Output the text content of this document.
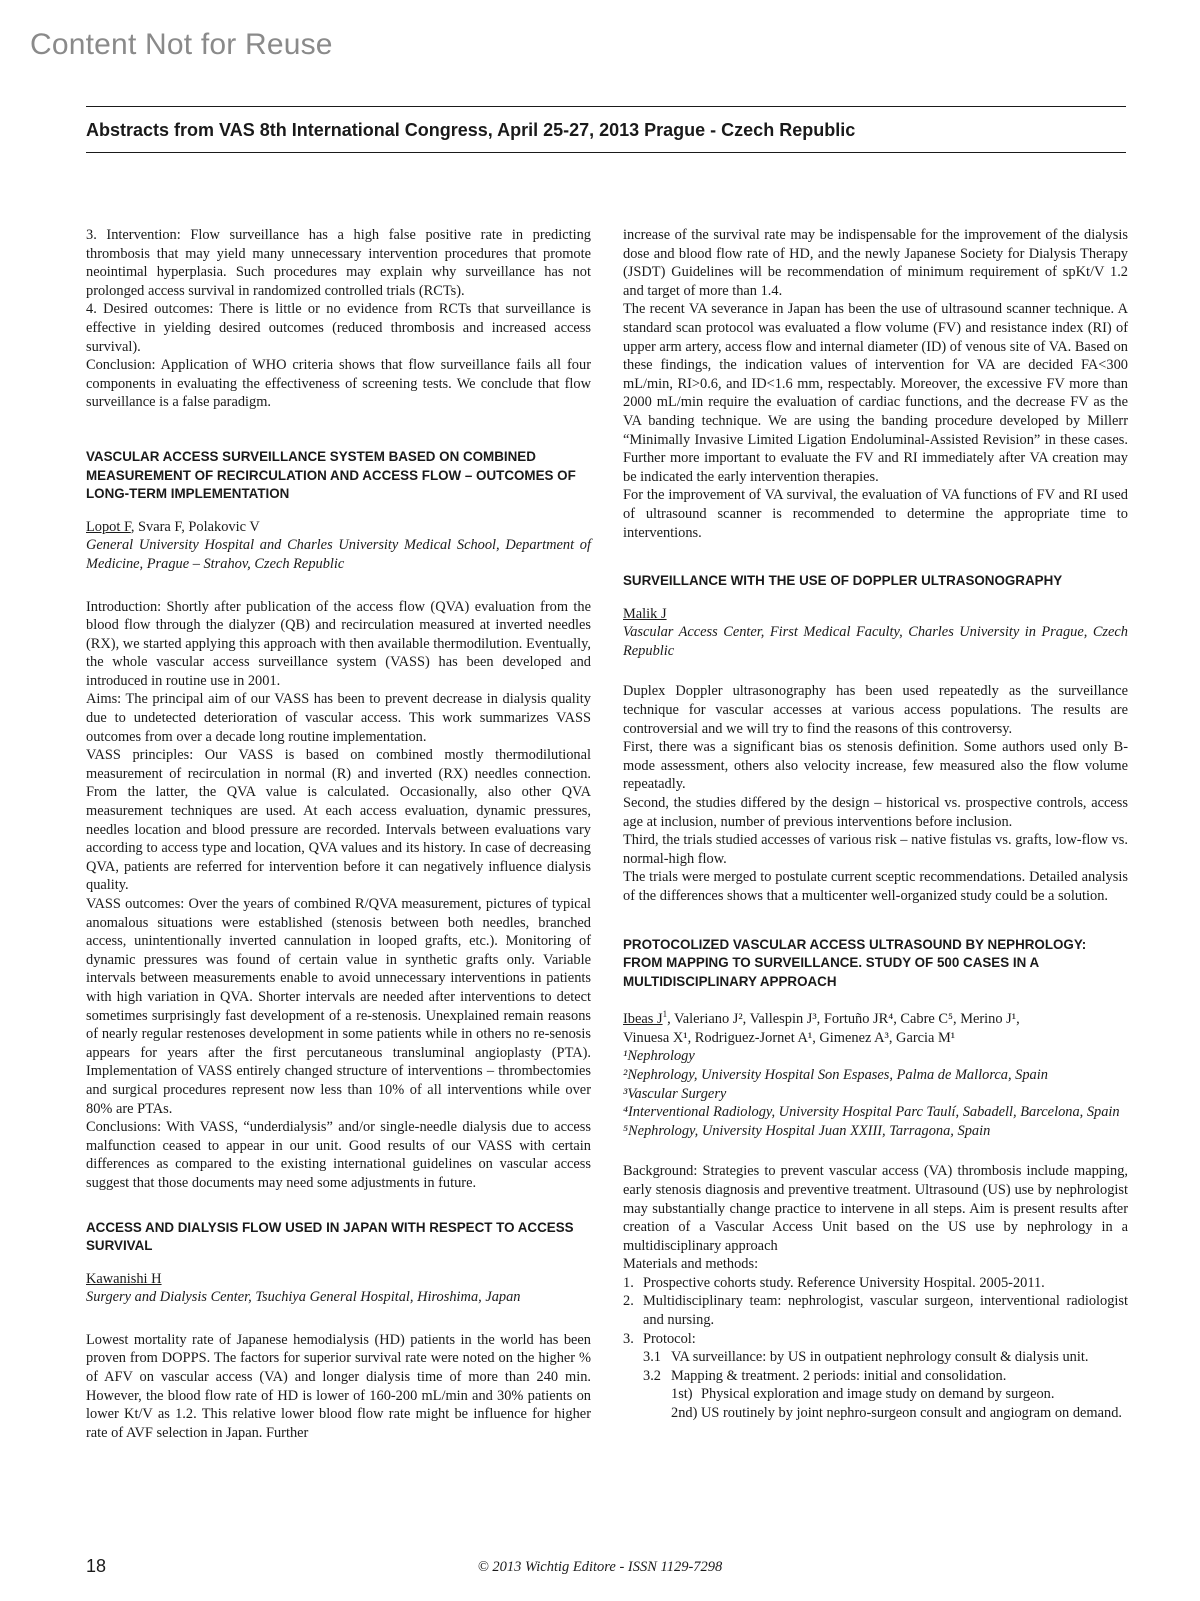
Content Not for Reuse
Abstracts from VAS 8th International Congress, April 25-27, 2013 Prague - Czech Republic

3. Intervention: Flow surveillance has a high false positive rate in predicting thrombosis that may yield many unnecessary intervention procedures that promote neointimal hyperplasia. Such procedures may explain why surveillance has not prolonged access survival in randomized controlled trials (RCTs).

4. Desired outcomes: There is little or no evidence from RCTs that surveillance is effective in yielding desired outcomes (reduced thrombosis and increased access survival).

Conclusion: Application of WHO criteria shows that flow surveillance fails all four components in evaluating the effectiveness of screening tests. We conclude that flow surveillance is a false paradigm.

VASCULAR ACCESS SURVEILLANCE SYSTEM BASED ON COMBINED MEASUREMENT OF RECIRCULATION AND ACCESS FLOW – OUTCOMES OF LONG-TERM IMPLEMENTATION

Lopot F, Svara F, Polakovic V

General University Hospital and Charles University Medical School, Department of Medicine, Prague – Strahov, Czech Republic

Introduction: Shortly after publication of the access flow (QVA) evaluation from the blood flow through the dialyzer (QB) and recirculation measured at inverted needles (RX), we started applying this approach with then available thermodilution. Eventually, the whole vascular access surveillance system (VASS) has been developed and introduced in routine use in 2001.

Aims: The principal aim of our VASS has been to prevent decrease in dialysis quality due to undetected deterioration of vascular access. This work summarizes VASS outcomes from over a decade long routine implementation.

VASS principles: Our VASS is based on combined mostly thermodilutional measurement of recirculation in normal (R) and inverted (RX) needles connection. From the latter, the QVA value is calculated. Occasionally, also other QVA measurement techniques are used. At each access evaluation, dynamic pressures, needles location and blood pressure are recorded. Intervals between evaluations vary according to access type and location, QVA values and its history. In case of decreasing QVA, patients are referred for intervention before it can negatively influence dialysis quality.

VASS outcomes: Over the years of combined R/QVA measurement, pictures of typical anomalous situations were established (stenosis between both needles, branched access, unintentionally inverted cannulation in looped grafts, etc.). Monitoring of dynamic pressures was found of certain value in synthetic grafts only. Variable intervals between measurements enable to avoid unnecessary interventions in patients with high variation in QVA. Shorter intervals are needed after interventions to detect sometimes surprisingly fast development of a re-stenosis. Unexplained remain reasons of nearly regular restenoses development in some patients while in others no re-senosis appears for years after the first percutaneous transluminal angioplasty (PTA). Implementation of VASS entirely changed structure of interventions – thrombectomies and surgical procedures represent now less than 10% of all interventions while over 80% are PTAs.

Conclusions: With VASS, “underdialysis” and/or single-needle dialysis due to access malfunction ceased to appear in our unit. Good results of our VASS with certain differences as compared to the existing international guidelines on vascular access suggest that those documents may need some adjustments in future.

ACCESS AND DIALYSIS FLOW USED IN JAPAN WITH RESPECT TO ACCESS SURVIVAL

Kawanishi H

Surgery and Dialysis Center, Tsuchiya General Hospital, Hiroshima, Japan

Lowest mortality rate of Japanese hemodialysis (HD) patients in the world has been proven from DOPPS. The factors for superior survival rate were noted on the higher % of AFV on vascular access (VA) and longer dialysis time of more than 240 min. However, the blood flow rate of HD is lower of 160-200 mL/min and 30% patients on lower Kt/V as 1.2. This relative lower blood flow rate might be influence for higher rate of AVF selection in Japan. Further

increase of the survival rate may be indispensable for the improvement of the dialysis dose and blood flow rate of HD, and the newly Japanese Society for Dialysis Therapy (JSDT) Guidelines will be recommendation of minimum requirement of spKt/V 1.2 and target of more than 1.4.

The recent VA severance in Japan has been the use of ultrasound scanner technique. A standard scan protocol was evaluated a flow volume (FV) and resistance index (RI) of upper arm artery, access flow and internal diameter (ID) of venous site of VA. Based on these findings, the indication values of intervention for VA are decided FA<300 mL/min, RI>0.6, and ID<1.6 mm, respectably. Moreover, the excessive FV more than 2000 mL/min require the evaluation of cardiac functions, and the decrease FV as the VA banding technique. We are using the banding procedure developed by Millerr “Minimally Invasive Limited Ligation Endoluminal-Assisted Revision” in these cases. Further more important to evaluate the FV and RI immediately after VA creation may be indicated the early intervention therapies.

For the improvement of VA survival, the evaluation of VA functions of FV and RI used of ultrasound scanner is recommended to determine the appropriate time to interventions.

SURVEILLANCE WITH THE USE OF DOPPLER ULTRASONOGRAPHY

Malik J

Vascular Access Center, First Medical Faculty, Charles University in Prague, Czech Republic

Duplex Doppler ultrasonography has been used repeatedly as the surveillance technique for vascular accesses at various access populations. The results are controversial and we will try to find the reasons of this controversy.

First, there was a significant bias os stenosis definition. Some authors used only B-mode assessment, others also velocity increase, few measured also the flow volume repeatadly.

Second, the studies differed by the design – historical vs. prospective controls, access age at inclusion, number of previous interventions before inclusion.

Third, the trials studied accesses of various risk – native fistulas vs. grafts, low-flow vs. normal-high flow.

The trials were merged to postulate current sceptic recommendations. Detailed analysis of the differences shows that a multicenter well-organized study could be a solution.

PROTOCOLIZED VASCULAR ACCESS ULTRASOUND BY NEPHROLOGY: FROM MAPPING TO SURVEILLANCE. STUDY OF 500 CASES IN A MULTIDISCIPLINARY APPROACH

Ibeas $J^1$, Valeriano J², Vallespin J³, Fortuño JR⁴, Cabre C⁵, Merino J¹,

Vinuesa X¹, Rodriguez-Jornet A¹, Gimenez A³, Garcia M¹

¹Nephrology

²Nephrology, University Hospital Son Espases, Palma de Mallorca, Spain

³Vascular Surgery

⁴Interventional Radiology, University Hospital Parc Taulí, Sabadell, Barcelona, Spain

⁵Nephrology, University Hospital Juan XXIII, Tarragona, Spain

Background: Strategies to prevent vascular access (VA) thrombosis include mapping, early stenosis diagnosis and preventive treatment. Ultrasound (US) use by nephrologist may substantially change practice to intervene in all steps. Aim is present results after creation of a Vascular Access Unit based on the US use by nephrology in a multidisciplinary approach

Materials and methods:

1. Prospective cohorts study. Reference University Hospital. 2005-2011.
2. Multidisciplinary team: nephrologist, vascular surgeon, interventional radiologist and nursing.
3. Protocol:
3.1 VA surveillance: by US in outpatient nephrology consult & dialysis unit.
3.2 Mapping & treatment. 2 periods: initial and consolidation.
1st) Physical exploration and image study on demand by surgeon.
2nd) US routinely by joint nephro-surgeon consult and angiogram on demand.
18	© 2013 Wichtig Editore - ISSN 1129-7298
